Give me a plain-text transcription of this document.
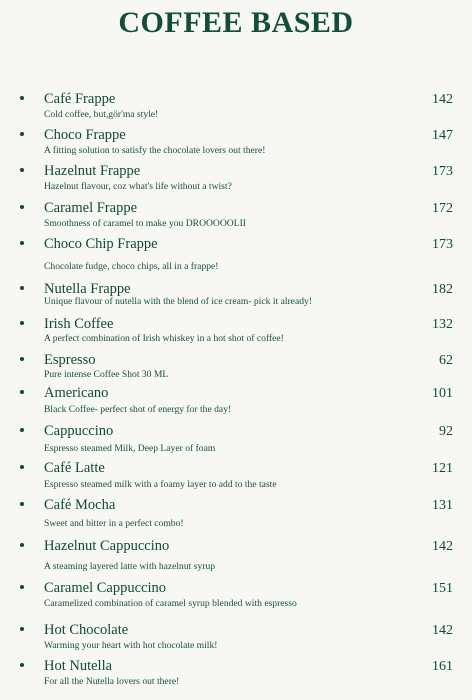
COFFEE BASED
Café Frappe
Cold coffee, but,gör'ma style!
142
Choco Frappe
A fitting solution to satisfy the chocolate lovers out there!
147
Hazelnut Frappe
Hazelnut flavour, coz what's life without a twist?
173
Caramel Frappe
Smoothness of caramel to make you DROOOOOLII
172
Choco Chip Frappe
Chocolate fudge, choco chips, all in a frappe!
173
Nutella Frappe
Unique flavour of nutella with the blend of ice cream- pick it already!
182
Irish Coffee
A perfect combination of Irish whiskey in a hot shot of coffee!
132
Espresso
Pure intense Coffee Shot 30 ML
62
Americano
Black Coffee- perfect shot of energy for the day!
101
Cappuccino
Espresso steamed Milk, Deep Layer of foam
92
Café Latte
Espresso steamed milk with a foamy layer to add to the taste
121
Café Mocha
Sweet and bitter in a perfect combo!
131
Hazelnut Cappuccino
A steaming layered latte with hazelnut syrup
142
Caramel Cappuccino
Caramelized combination of caramel syrup blended with espresso
151
Hot Chocolate
Warming your heart with hot chocolate milk!
142
Hot Nutella
For all the Nutella lovers out there!
161
